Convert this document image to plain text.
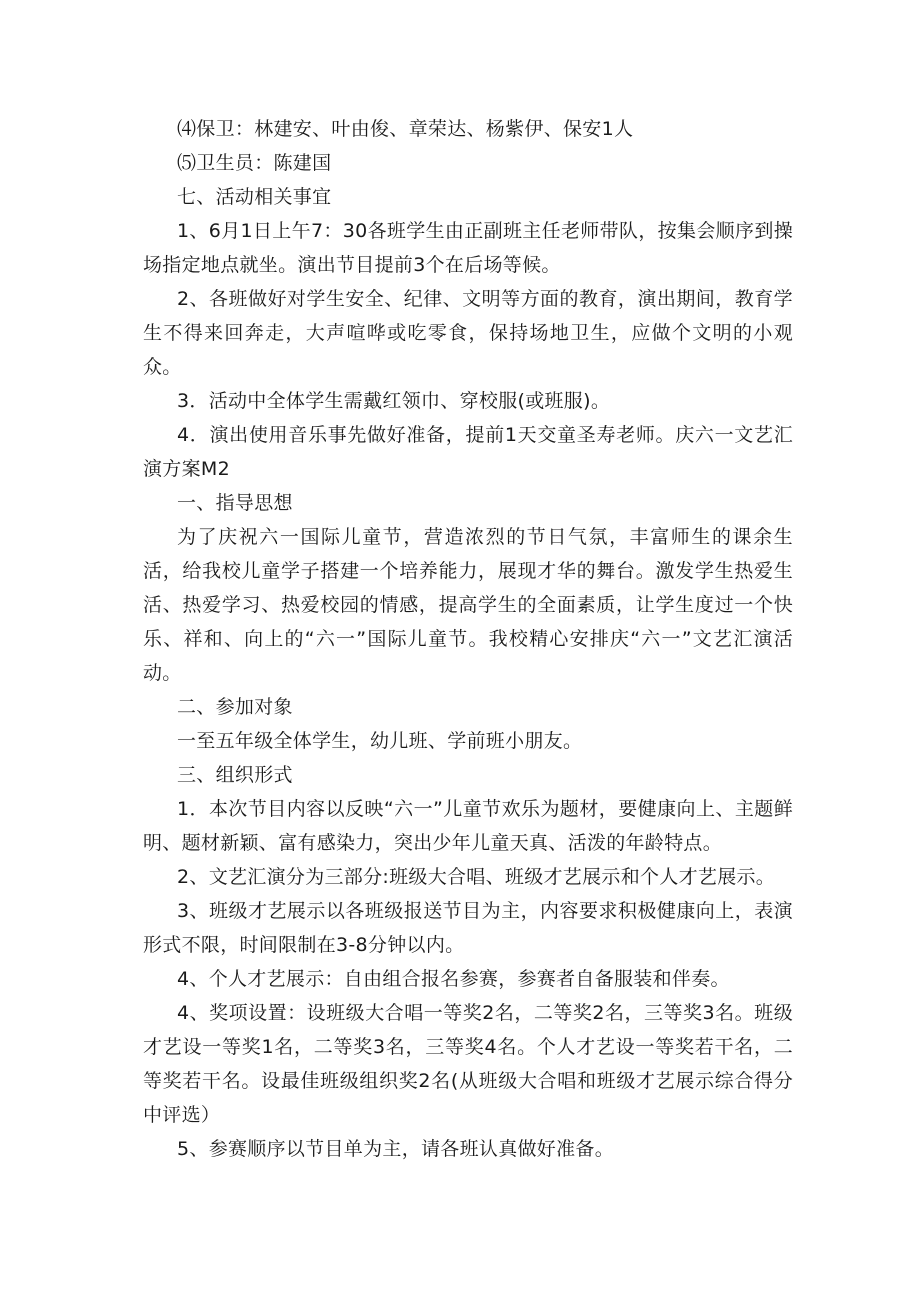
⑷保卫：林建安、叶由俊、章荣达、杨紫伊、保安1人

⑸卫生员：陈建国

七、活动相关事宜

1、6月1日上午7：30各班学生由正副班主任老师带队，按集会顺序到操场指定地点就坐。演出节目提前3个在后场等候。

2、各班做好对学生安全、纪律、文明等方面的教育，演出期间，教育学生不得来回奔走，大声喧哗或吃零食，保持场地卫生，应做个文明的小观众。

3．活动中全体学生需戴红领巾、穿校服(或班服)。

4．演出使用音乐事先做好准备，提前1天交童圣寿老师。庆六一文艺汇演方案M2

一、指导思想

为了庆祝六一国际儿童节，营造浓烈的节日气氛，丰富师生的课余生活，给我校儿童学子搭建一个培养能力，展现才华的舞台。激发学生热爱生活、热爱学习、热爱校园的情感，提高学生的全面素质，让学生度过一个快乐、祥和、向上的“六一”国际儿童节。我校精心安排庆“六一”文艺汇演活动。

二、参加对象

一至五年级全体学生，幼儿班、学前班小朋友。

三、组织形式

1．本次节目内容以反映“六一”儿童节欢乐为题材，要健康向上、主题鲜明、题材新颖、富有感染力，突出少年儿童天真、活泼的年龄特点。

2、文艺汇演分为三部分:班级大合唱、班级才艺展示和个人才艺展示。

3、班级才艺展示以各班级报送节目为主，内容要求积极健康向上，表演形式不限，时间限制在3-8分钟以内。

4、个人才艺展示：自由组合报名参赛，参赛者自备服装和伴奏。

4、奖项设置：设班级大合唱一等奖2名，二等奖2名，三等奖3名。班级才艺设一等奖1名，二等奖3名，三等奖4名。个人才艺设一等奖若干名，二等奖若干名。设最佳班级组织奖2名(从班级大合唱和班级才艺展示综合得分中评选）

5、参赛顺序以节目单为主，请各班认真做好准备。
